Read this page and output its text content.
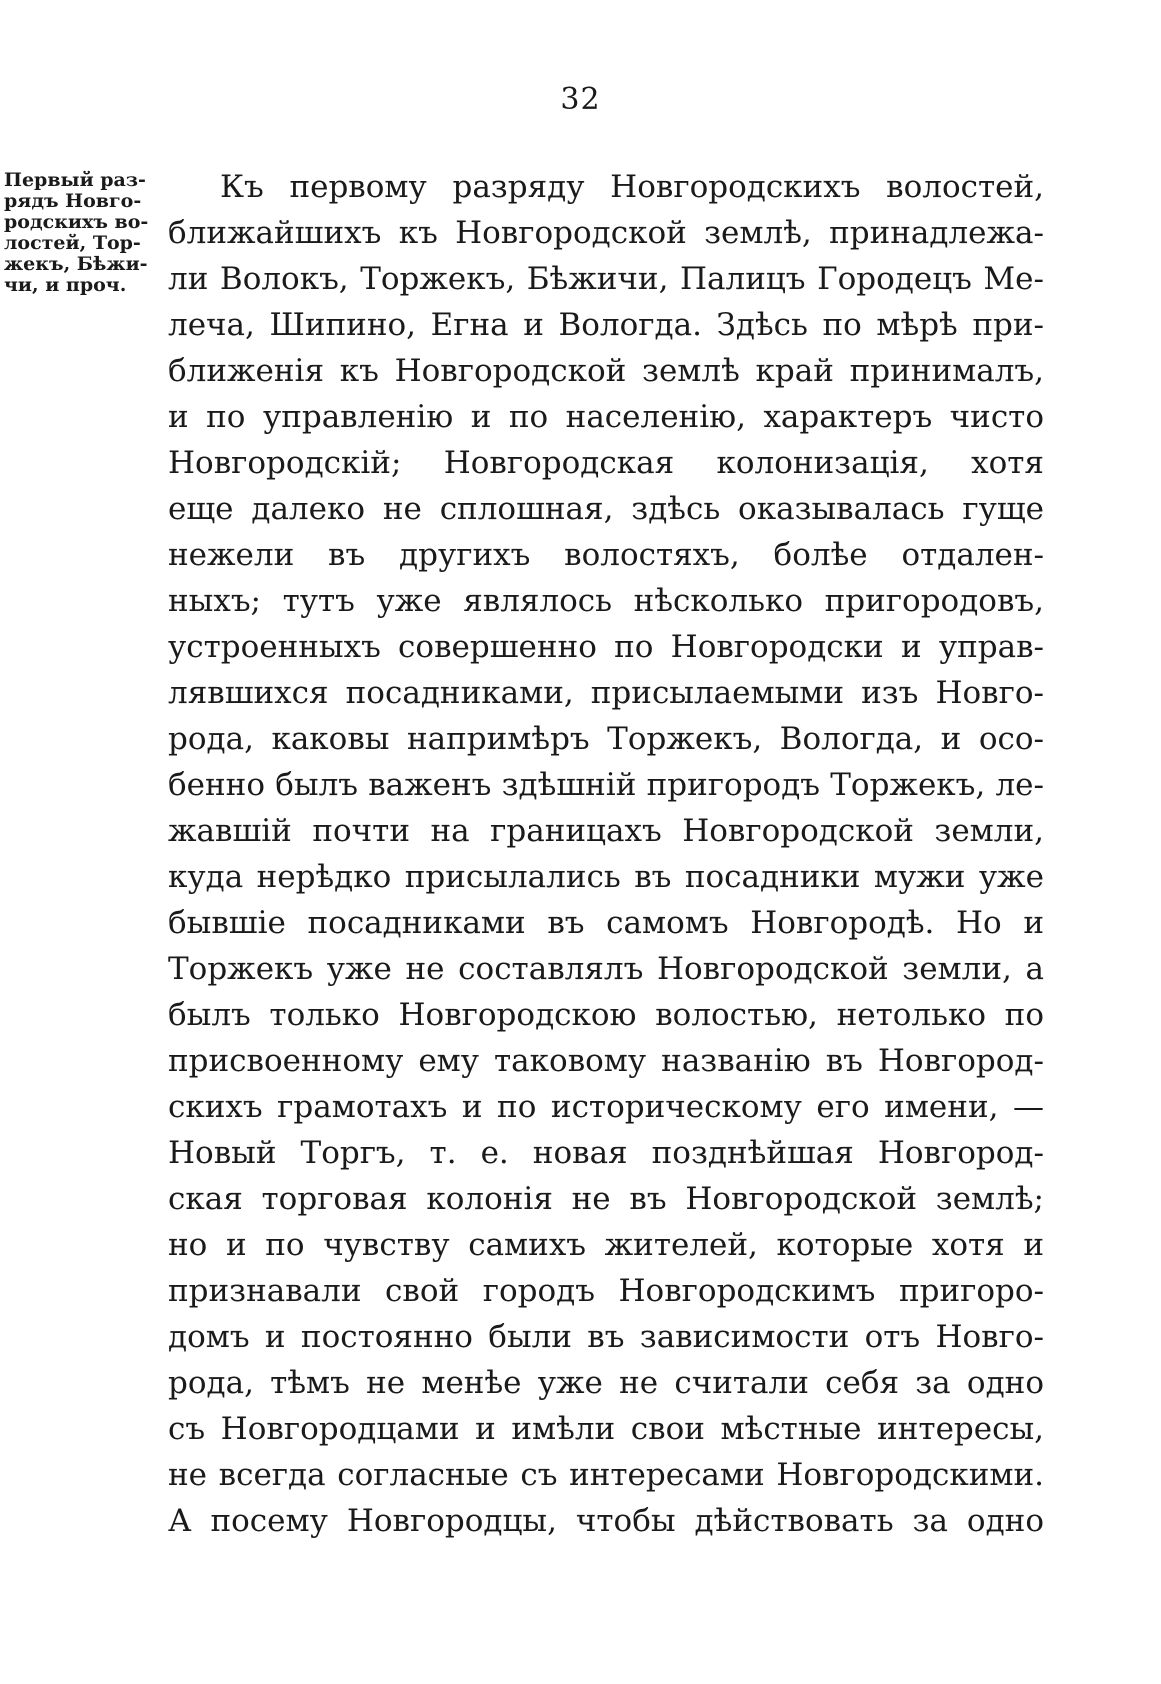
32
Первый раз-
рядъ Новго-
родскихъ во-
лостей, Тор-
жекъ, Бѣжи-
чи, и проч.
Къ первому разряду Новгородскихъ волостей,
ближайшихъ къ Новгородской землѣ, принадлежа-
ли Волокъ, Торжекъ, Бѣжичи, Палицъ Городецъ Ме-
леча, Шипино, Егна и Вологда. Здѣсь по мѣрѣ при-
ближенія къ Новгородской землѣ край принималъ,
и по управленію и по населенію, характеръ чисто
Новгородскій; Новгородская колонизація, хотя
еще далеко не сплошная, здѣсь оказывалась гуще
нежели въ другихъ волостяхъ, болѣе отдален-
ныхъ; тутъ уже являлось нѣсколько пригородовъ,
устроенныхъ совершенно по Новгородски и управ-
лявшихся посадниками, присылаемыми изъ Новго-
рода, каковы напримѣръ Торжекъ, Вологда, и осо-
бенно былъ важенъ здѣшній пригородъ Торжекъ, ле-
жавшій почти на границахъ Новгородской земли,
куда нерѣдко присылались въ посадники мужи уже
бывшіе посадниками въ самомъ Новгородѣ. Но и
Торжекъ уже не составлялъ Новгородской земли, а
былъ только Новгородскою волостью, нетолько по
присвоенному ему таковому названію въ Новгород-
скихъ грамотахъ и по историческому его имени, —
Новый Торгъ, т. е. новая позднѣйшая Новгород-
ская торговая колонія не въ Новгородской землѣ;
но и по чувству самихъ жителей, которые хотя и
признавали свой городъ Новгородскимъ пригоро-
домъ и постоянно были въ зависимости отъ Новго-
рода, тѣмъ не менѣе уже не считали себя за одно
съ Новгородцами и имѣли свои мѣстные интересы,
не всегда согласные съ интересами Новгородскими.
А посему Новгородцы, чтобы дѣйствовать за одно
